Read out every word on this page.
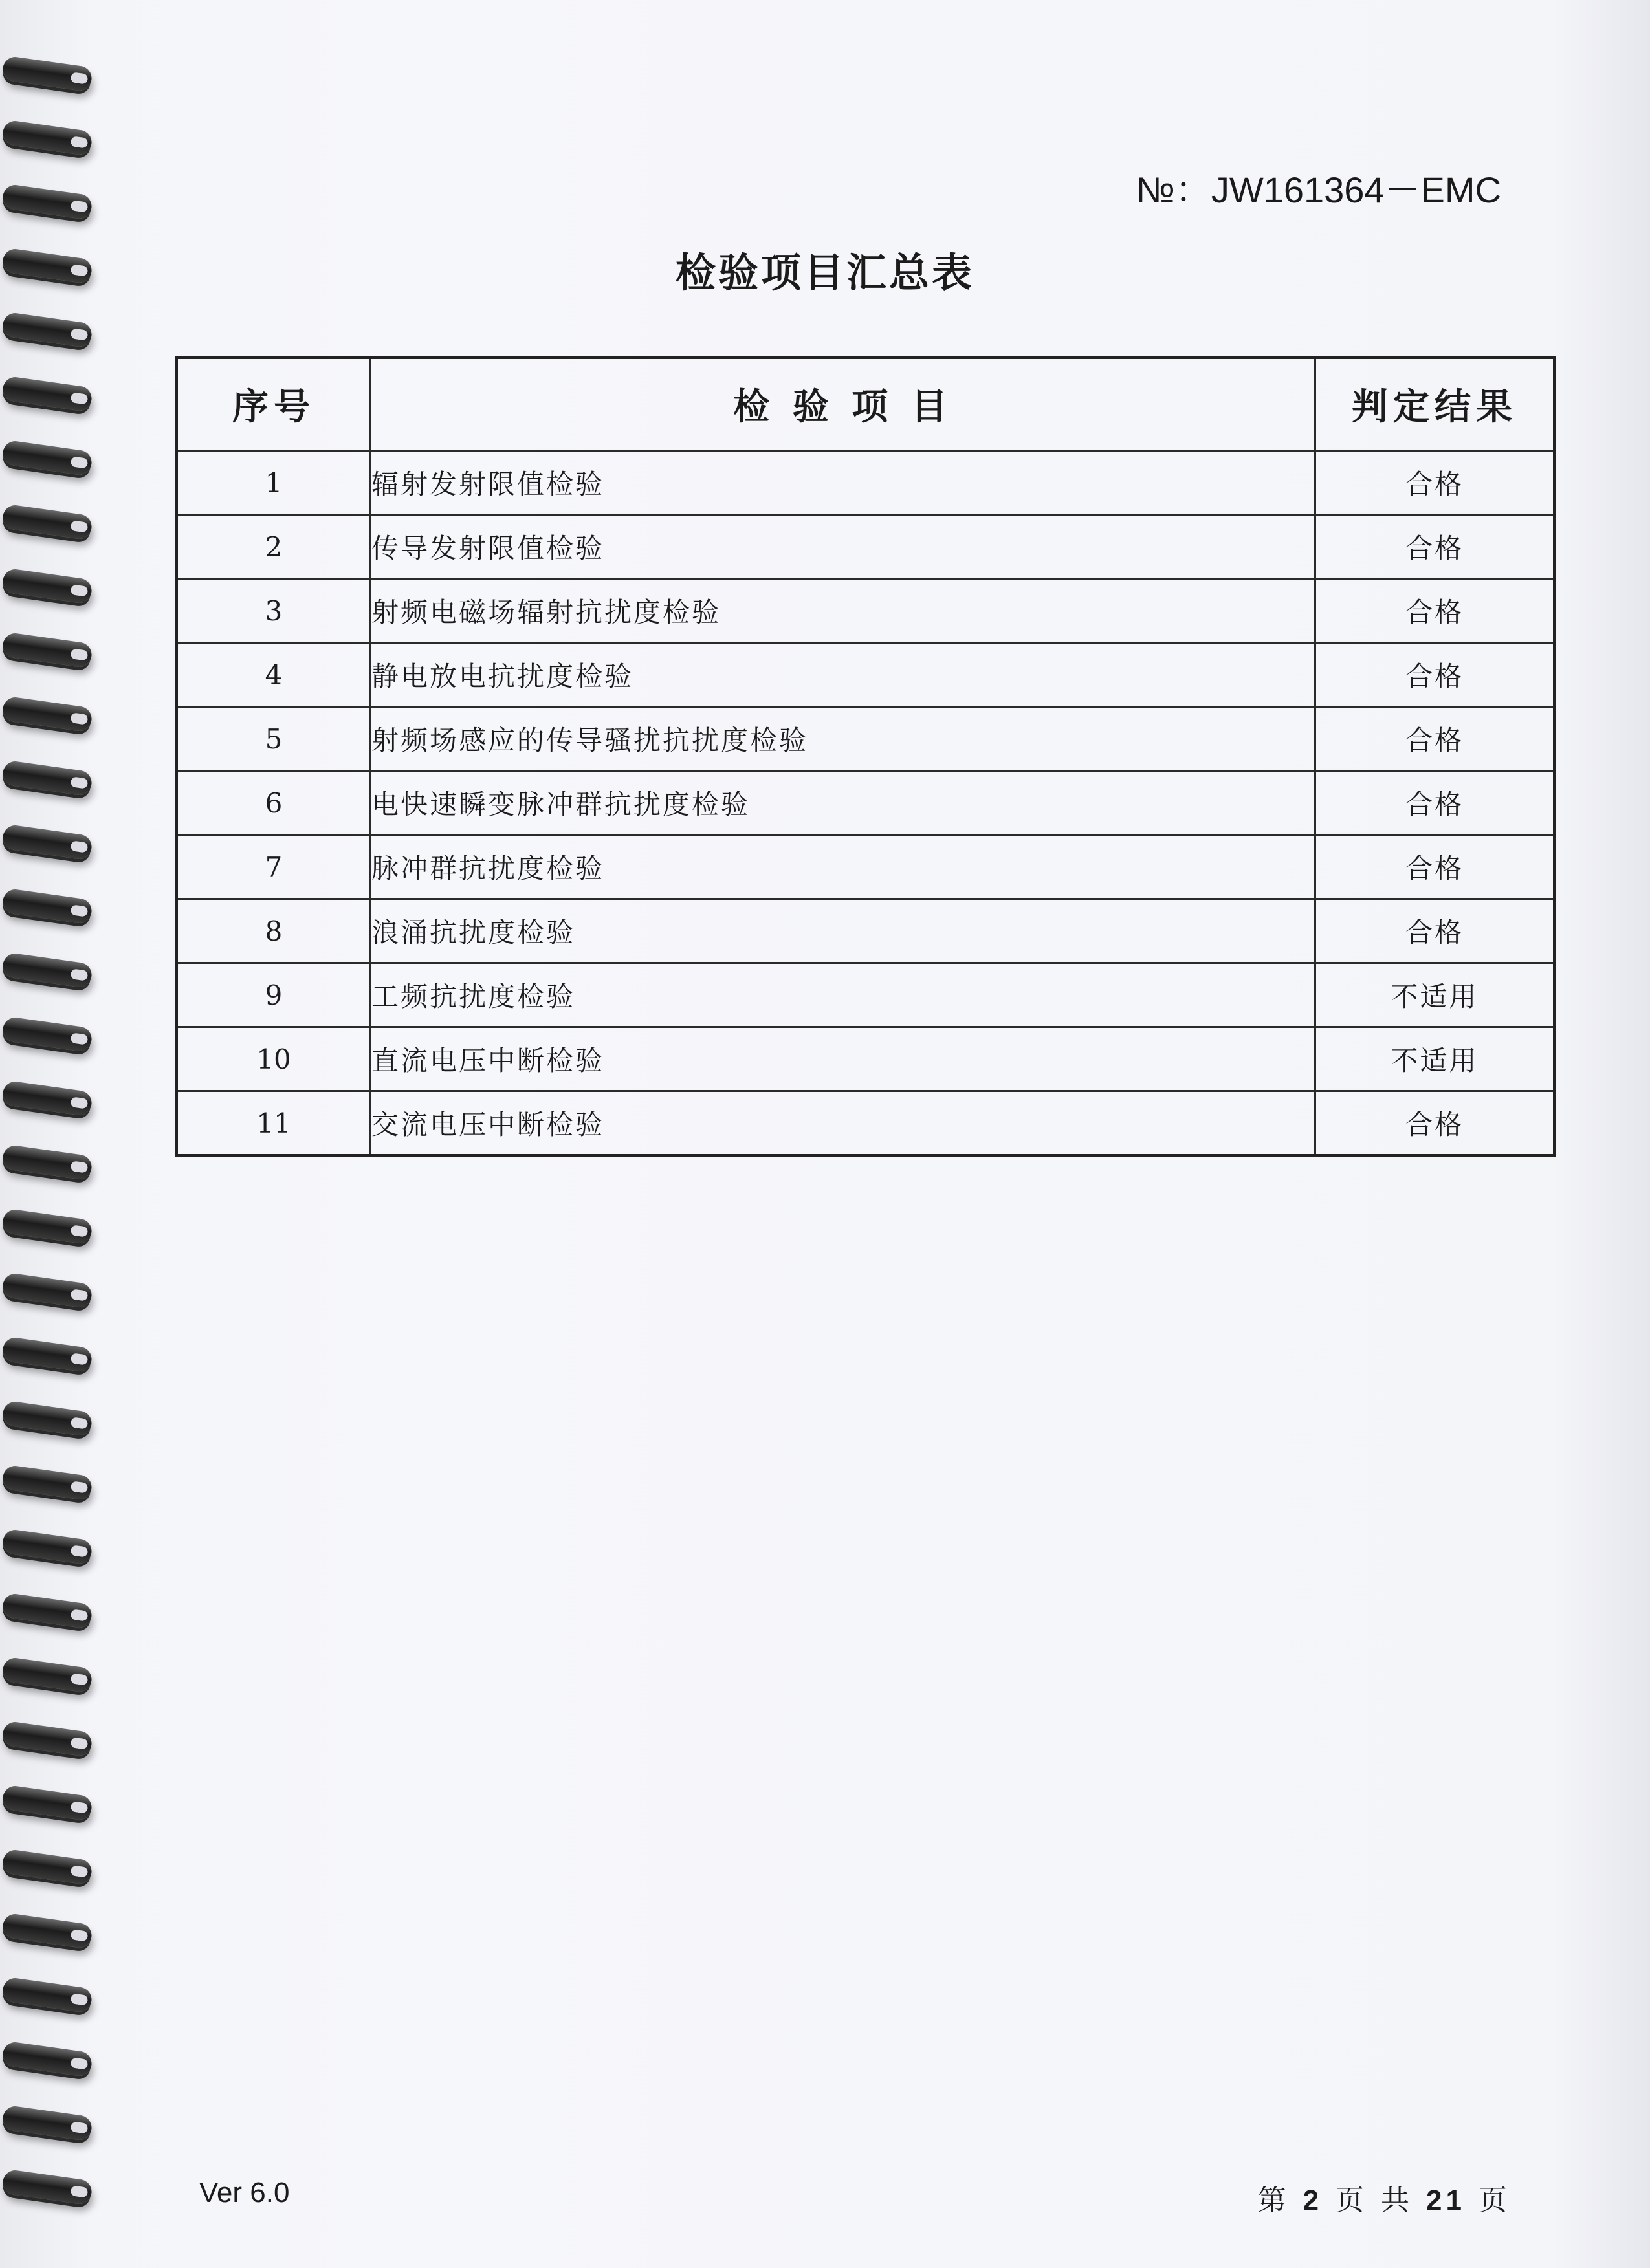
№：JW161364－EMC
检验项目汇总表
序号	检 验 项 目	判定结果
1	辐射发射限值检验	合格
2	传导发射限值检验	合格
3	射频电磁场辐射抗扰度检验	合格
4	静电放电抗扰度检验	合格
5	射频场感应的传导骚扰抗扰度检验	合格
6	电快速瞬变脉冲群抗扰度检验	合格
7	脉冲群抗扰度检验	合格
8	浪涌抗扰度检验	合格
9	工频抗扰度检验	不适用
10	直流电压中断检验	不适用
11	交流电压中断检验	合格
Ver 6.0	第 2 页 共 21 页
